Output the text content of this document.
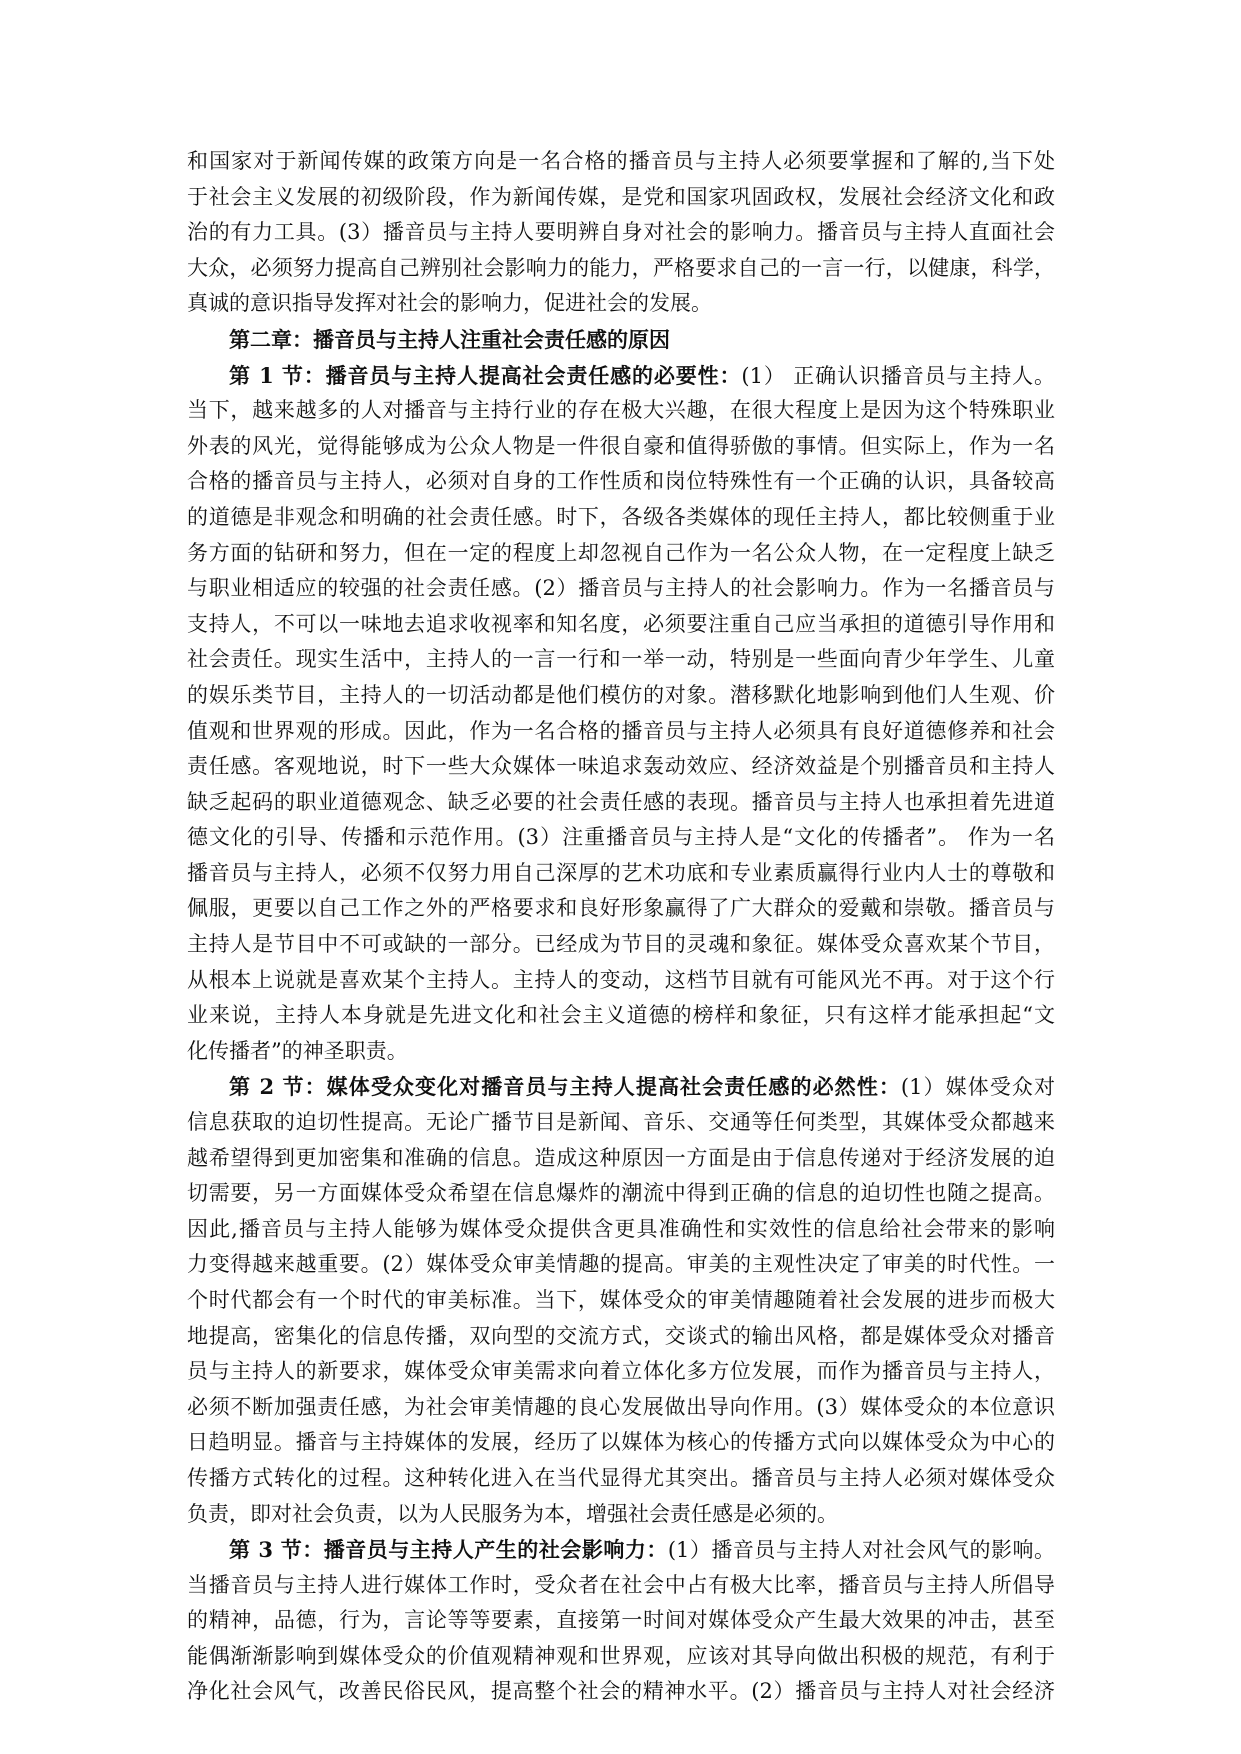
和国家对于新闻传媒的政策方向是一名合格的播音员与主持人必须要掌握和了解的,当下处
于社会主义发展的初级阶段，作为新闻传媒，是党和国家巩固政权，发展社会经济文化和政
治的有力工具。(3）播音员与主持人要明辨自身对社会的影响力。播音员与主持人直面社会
大众，必须努力提高自己辨别社会影响力的能力，严格要求自己的一言一行，以健康，科学，
真诚的意识指导发挥对社会的影响力，促进社会的发展。
第二章：播音员与主持人注重社会责任感的原因
第 1 节：播音员与主持人提高社会责任感的必要性：(1） 正确认识播音员与主持人。
当下，越来越多的人对播音与主持行业的存在极大兴趣，在很大程度上是因为这个特殊职业
外表的风光，觉得能够成为公众人物是一件很自豪和值得骄傲的事情。但实际上，作为一名
合格的播音员与主持人，必须对自身的工作性质和岗位特殊性有一个正确的认识，具备较高
的道德是非观念和明确的社会责任感。时下，各级各类媒体的现任主持人，都比较侧重于业
务方面的钻研和努力，但在一定的程度上却忽视自己作为一名公众人物，在一定程度上缺乏
与职业相适应的较强的社会责任感。(2）播音员与主持人的社会影响力。作为一名播音员与
支持人，不可以一味地去追求收视率和知名度，必须要注重自己应当承担的道德引导作用和
社会责任。现实生活中，主持人的一言一行和一举一动，特别是一些面向青少年学生、儿童
的娱乐类节目，主持人的一切活动都是他们模仿的对象。潜移默化地影响到他们人生观、价
值观和世界观的形成。因此，作为一名合格的播音员与主持人必须具有良好道德修养和社会
责任感。客观地说，时下一些大众媒体一味追求轰动效应、经济效益是个别播音员和主持人
缺乏起码的职业道德观念、缺乏必要的社会责任感的表现。播音员与主持人也承担着先进道
德文化的引导、传播和示范作用。(3）注重播音员与主持人是“文化的传播者”。 作为一名
播音员与主持人，必须不仅努力用自己深厚的艺术功底和专业素质赢得行业内人士的尊敬和
佩服，更要以自己工作之外的严格要求和良好形象赢得了广大群众的爱戴和崇敬。播音员与
主持人是节目中不可或缺的一部分。已经成为节目的灵魂和象征。媒体受众喜欢某个节目，
从根本上说就是喜欢某个主持人。主持人的变动，这档节目就有可能风光不再。对于这个行
业来说，主持人本身就是先进文化和社会主义道德的榜样和象征，只有这样才能承担起“文
化传播者”的神圣职责。
第 2 节：媒体受众变化对播音员与主持人提高社会责任感的必然性：(1）媒体受众对
信息获取的迫切性提高。无论广播节目是新闻、音乐、交通等任何类型，其媒体受众都越来
越希望得到更加密集和准确的信息。造成这种原因一方面是由于信息传递对于经济发展的迫
切需要，另一方面媒体受众希望在信息爆炸的潮流中得到正确的信息的迫切性也随之提高。
因此,播音员与主持人能够为媒体受众提供含更具准确性和实效性的信息给社会带来的影响
力变得越来越重要。(2）媒体受众审美情趣的提高。审美的主观性决定了审美的时代性。一
个时代都会有一个时代的审美标准。当下，媒体受众的审美情趣随着社会发展的进步而极大
地提高，密集化的信息传播，双向型的交流方式，交谈式的输出风格，都是媒体受众对播音
员与主持人的新要求，媒体受众审美需求向着立体化多方位发展，而作为播音员与主持人，
必须不断加强责任感，为社会审美情趣的良心发展做出导向作用。(3）媒体受众的本位意识
日趋明显。播音与主持媒体的发展，经历了以媒体为核心的传播方式向以媒体受众为中心的
传播方式转化的过程。这种转化进入在当代显得尤其突出。播音员与主持人必须对媒体受众
负责，即对社会负责，以为人民服务为本，增强社会责任感是必须的。
第 3 节：播音员与主持人产生的社会影响力：(1）播音员与主持人对社会风气的影响。
当播音员与主持人进行媒体工作时，受众者在社会中占有极大比率，播音员与主持人所倡导
的精神，品德，行为，言论等等要素，直接第一时间对媒体受众产生最大效果的冲击，甚至
能偶渐渐影响到媒体受众的价值观精神观和世界观，应该对其导向做出积极的规范，有利于
净化社会风气，改善民俗民风，提高整个社会的精神水平。(2）播音员与主持人对社会经济
